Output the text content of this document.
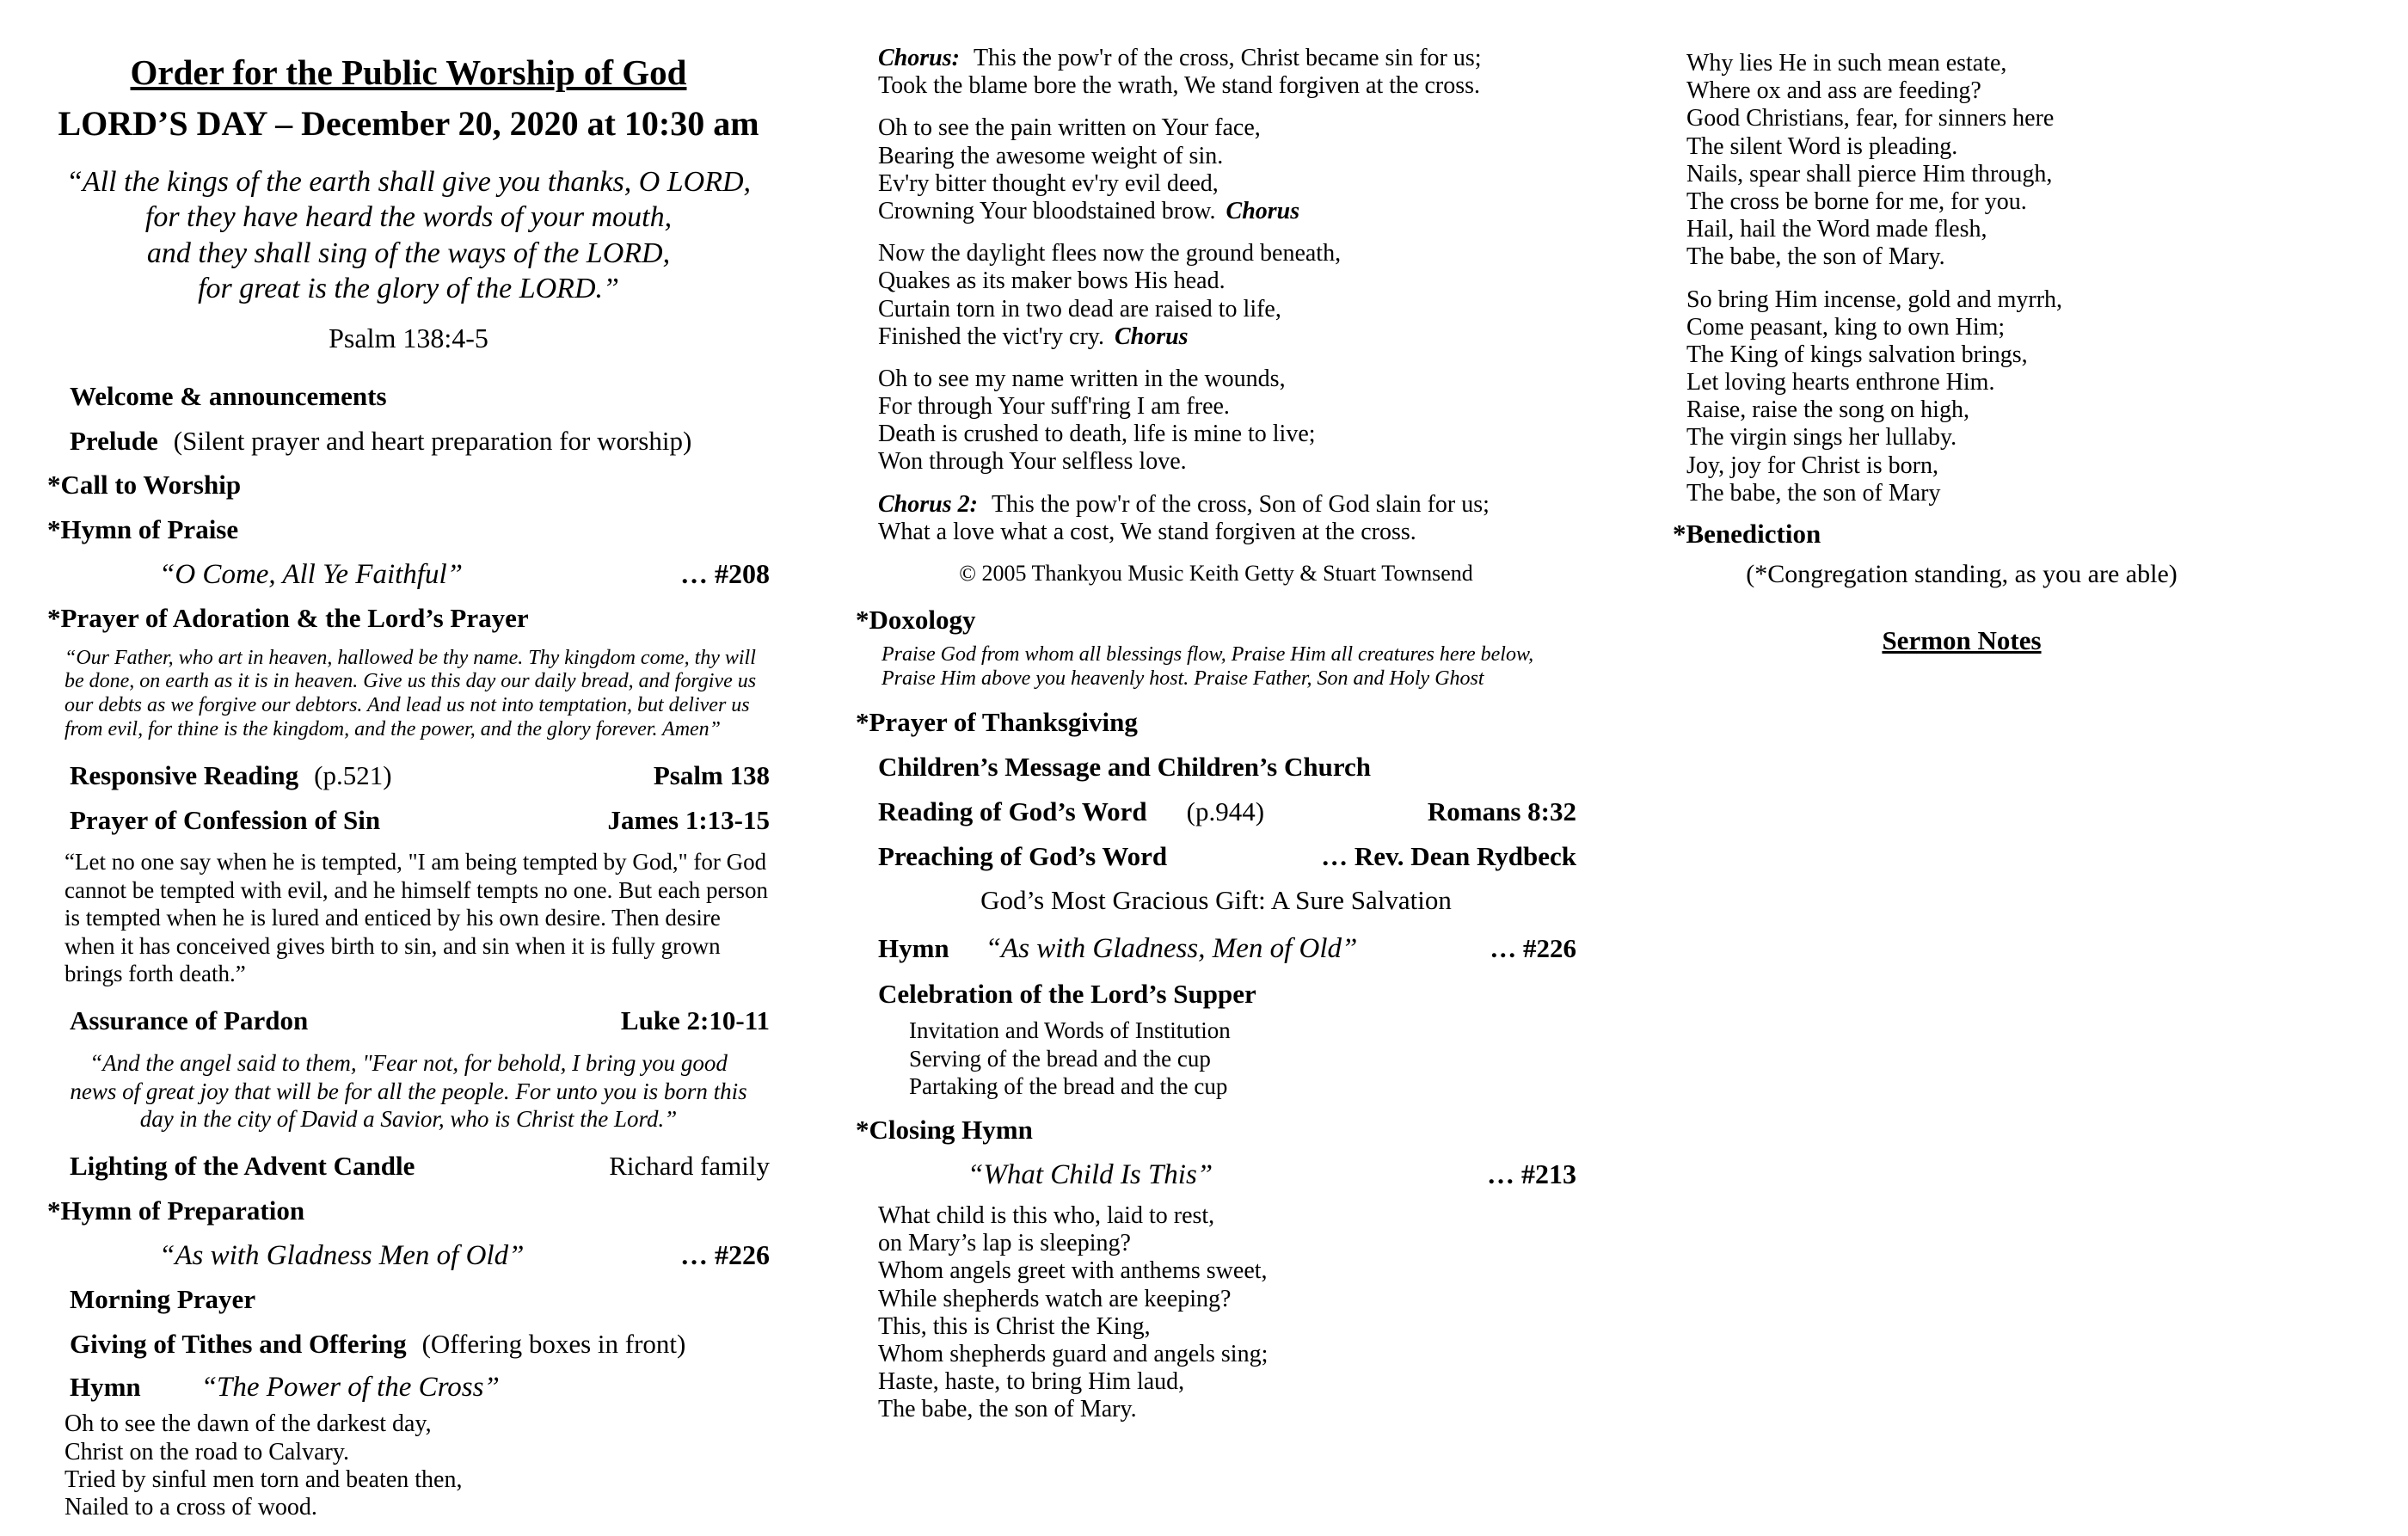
Order for the Public Worship of God
LORD’S DAY – December 20, 2020 at 10:30 am
“All the kings of the earth shall give you thanks, O LORD,
for they have heard the words of your mouth,
and they shall sing of the ways of the LORD,
for great is the glory of the LORD.”
Psalm 138:4-5
Welcome & announcements
Prelude (Silent prayer and heart preparation for worship)
*Call to Worship
*Hymn of Praise
“O Come, All Ye Faithful”	… #208
*Prayer of Adoration & the Lord’s Prayer
“Our Father, who art in heaven, hallowed be thy name. Thy kingdom come, thy will be done, on earth as it is in heaven. Give us this day our daily bread, and forgive us our debts as we forgive our debtors. And lead us not into temptation, but deliver us from evil, for thine is the kingdom, and the power, and the glory forever. Amen”
Responsive Reading (p.521)	Psalm 138
Prayer of Confession of Sin	James 1:13-15
“Let no one say when he is tempted, "I am being tempted by God," for God cannot be tempted with evil, and he himself tempts no one. But each person is tempted when he is lured and enticed by his own desire. Then desire when it has conceived gives birth to sin, and sin when it is fully grown brings forth death.”
Assurance of Pardon	Luke 2:10-11
“And the angel said to them, "Fear not, for behold, I bring you good
news of great joy that will be for all the people. For unto you is born this
day in the city of David a Savior, who is Christ the Lord.”
Lighting of the Advent Candle	Richard family
*Hymn of Preparation
“As with Gladness Men of Old”	… #226
Morning Prayer
Giving of Tithes and Offering (Offering boxes in front)
Hymn “The Power of the Cross”
Oh to see the dawn of the darkest day,
Christ on the road to Calvary.
Tried by sinful men torn and beaten then,
Nailed to a cross of wood.
Chorus: This the pow'r of the cross, Christ became sin for us;
Took the blame bore the wrath, We stand forgiven at the cross.
Oh to see the pain written on Your face,
Bearing the awesome weight of sin.
Ev'ry bitter thought ev'ry evil deed,
Crowning Your bloodstained brow. Chorus
Now the daylight flees now the ground beneath,
Quakes as its maker bows His head.
Curtain torn in two dead are raised to life,
Finished the vict'ry cry. Chorus
Oh to see my name written in the wounds,
For through Your suff'ring I am free.
Death is crushed to death, life is mine to live;
Won through Your selfless love.
Chorus 2: This the pow'r of the cross, Son of God slain for us;
What a love what a cost, We stand forgiven at the cross.
© 2005 Thankyou Music Keith Getty & Stuart Townsend
*Doxology
Praise God from whom all blessings flow, Praise Him all creatures here below,
Praise Him above you heavenly host. Praise Father, Son and Holy Ghost
*Prayer of Thanksgiving
Children’s Message and Children’s Church
Reading of God’s Word (p.944)	Romans 8:32
Preaching of God’s Word	… Rev. Dean Rydbeck
God’s Most Gracious Gift: A Sure Salvation
Hymn “As with Gladness, Men of Old”	… #226
Celebration of the Lord’s Supper
Invitation and Words of Institution
Serving of the bread and the cup
Partaking of the bread and the cup
*Closing Hymn
“What Child Is This”	… #213
What child is this who, laid to rest,
on Mary’s lap is sleeping?
Whom angels greet with anthems sweet,
While shepherds watch are keeping?
This, this is Christ the King,
Whom shepherds guard and angels sing;
Haste, haste, to bring Him laud,
The babe, the son of Mary.
Why lies He in such mean estate,
Where ox and ass are feeding?
Good Christians, fear, for sinners here
The silent Word is pleading.
Nails, spear shall pierce Him through,
The cross be borne for me, for you.
Hail, hail the Word made flesh,
The babe, the son of Mary.
So bring Him incense, gold and myrrh,
Come peasant, king to own Him;
The King of kings salvation brings,
Let loving hearts enthrone Him.
Raise, raise the song on high,
The virgin sings her lullaby.
Joy, joy for Christ is born,
The babe, the son of Mary
*Benediction
(*Congregation standing, as you are able)
Sermon Notes
